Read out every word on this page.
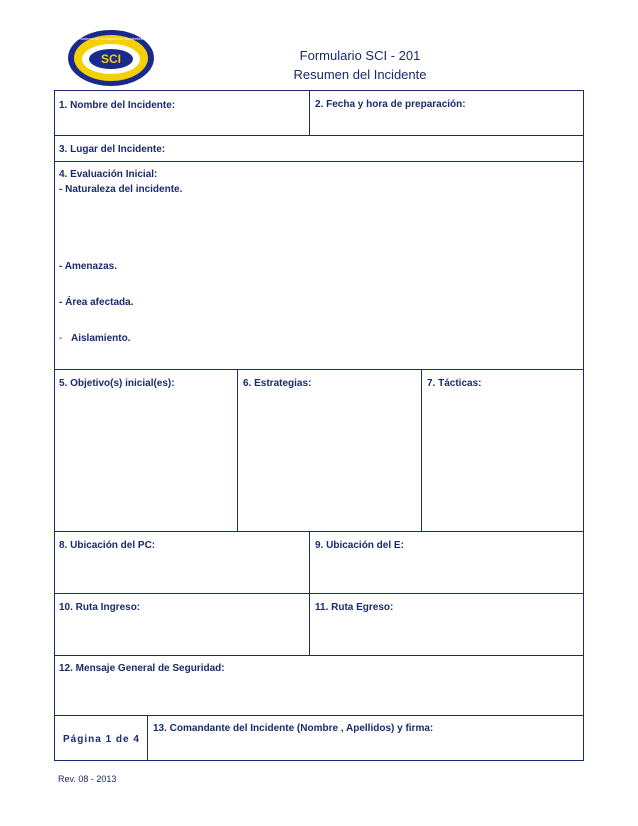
SCI
Sistema de Comando de Incidentes
Formulario SCI - 201
Resumen del Incidente
1. Nombre del Incidente:	2. Fecha y hora de preparación:
3. Lugar del Incidente:
4. Evaluación Inicial:
- Naturaleza del incidente.
- Amenazas.
- Área afectada.
- Aislamiento.
5. Objetivo(s) inicial(es):	6. Estrategias:	7. Tácticas:
8. Ubicación del PC:	9. Ubicación del E:
10. Ruta Ingreso:	11. Ruta Egreso:
12. Mensaje General de Seguridad:
Página 1 de 4
13. Comandante del Incidente (Nombre , Apellidos) y firma:
Rev. 08 - 2013
